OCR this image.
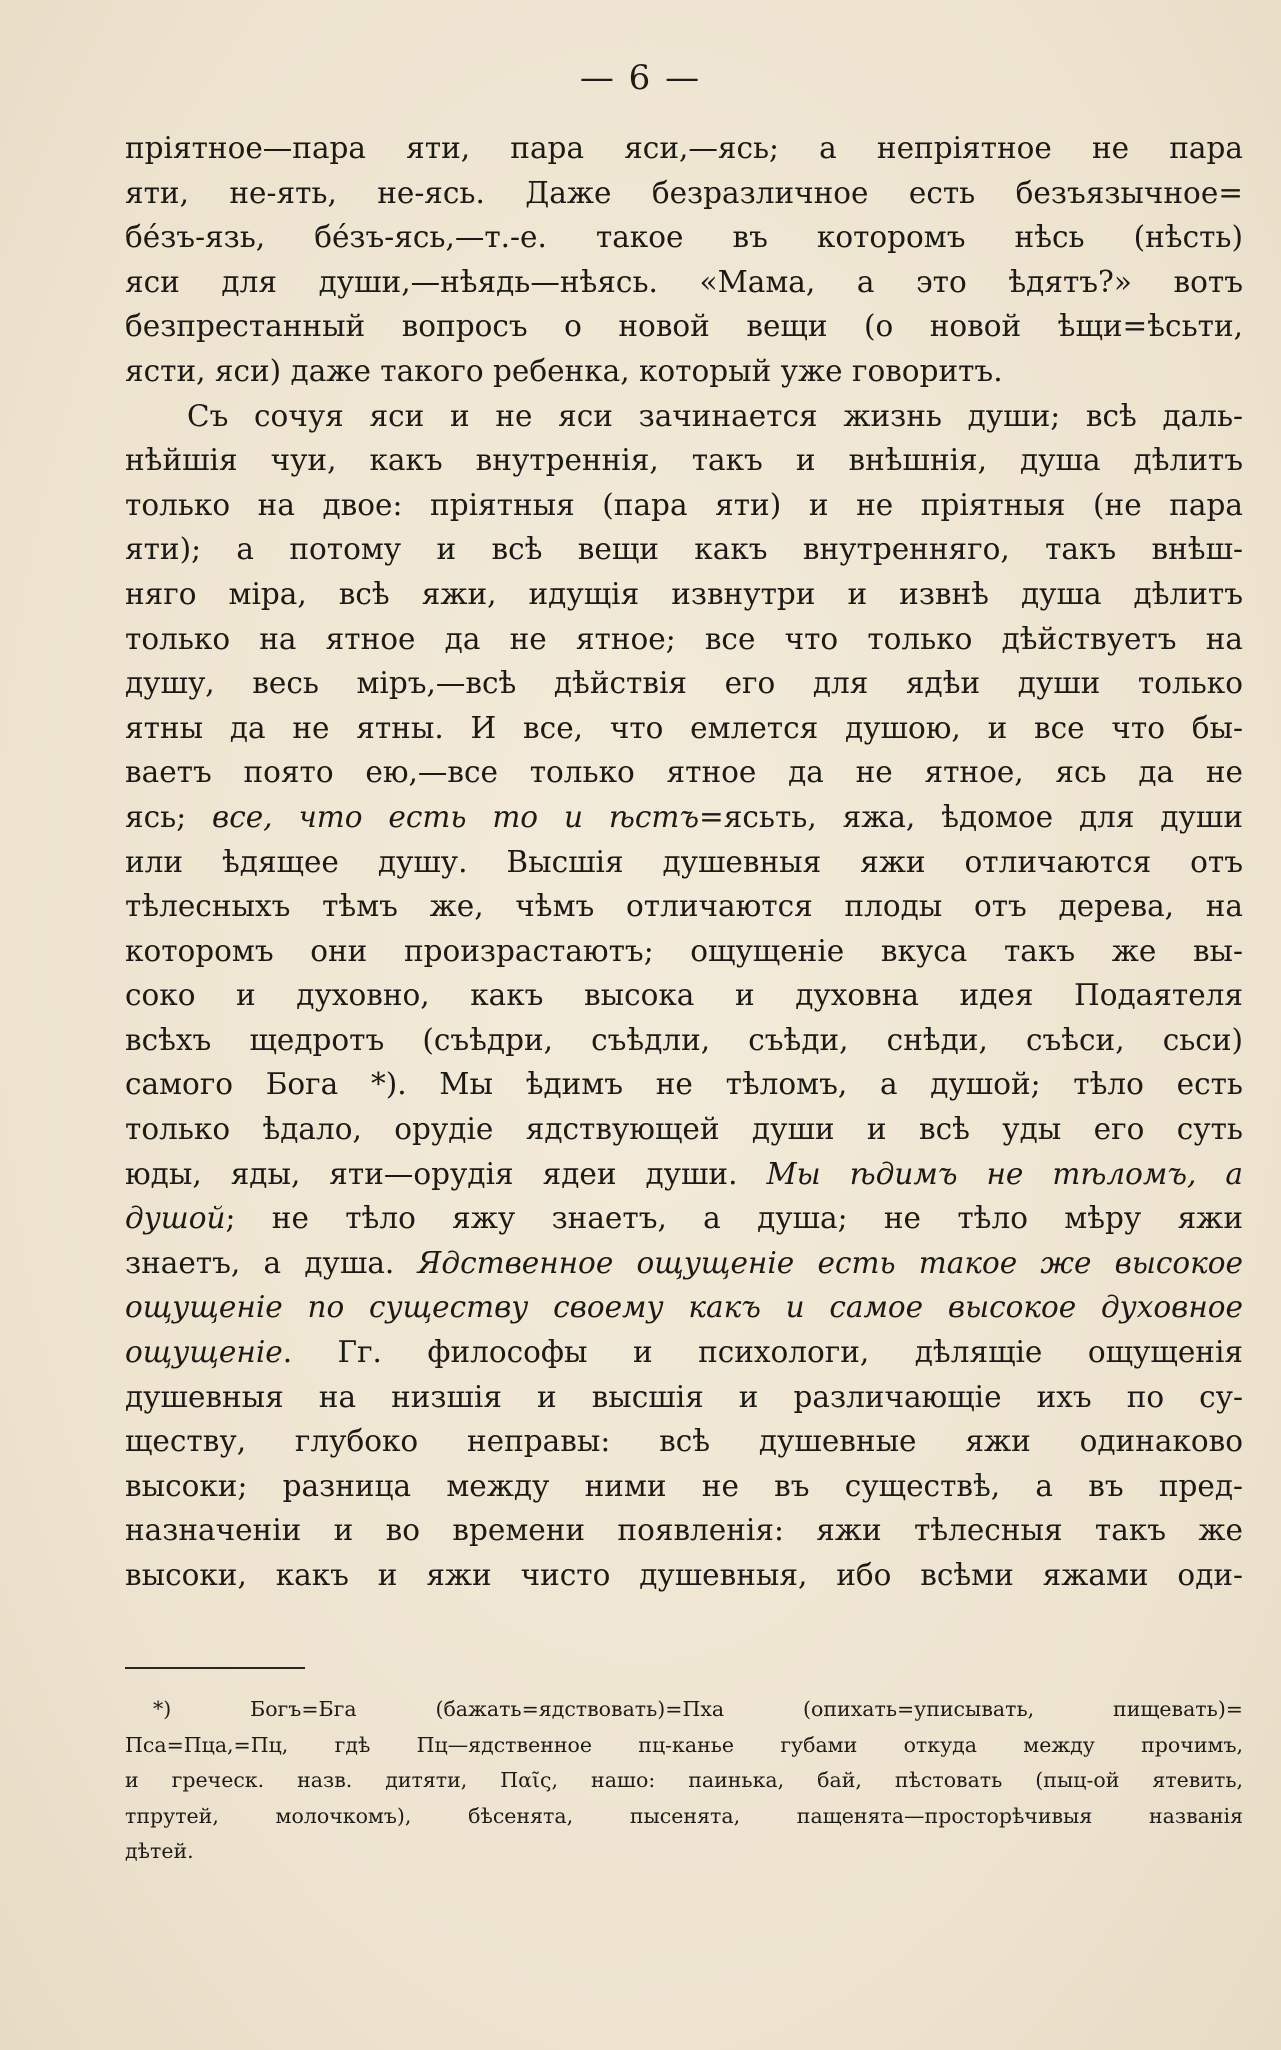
— 6 —
пріятное—пара яти, пара яси,—ясь; а непріятное не пара
яти, не-ять, не-ясь. Даже безразличное есть безъязычное=
бéзъ-язь, бéзъ-ясь,—т.-е. такое въ которомъ нѣсь (нѣсть)
яси для души,—нѣядь—нѣясь. «Мама, а это ѣдятъ?» вотъ
безпрестанный вопросъ о новой вещи (о новой ѣщи=ѣсьти,
ясти, яси) даже такого ребенка, который уже говоритъ.
Съ сочуя яси и не яси зачинается жизнь души; всѣ даль-
нѣйшія чуи, какъ внутреннія, такъ и внѣшнія, душа дѣлитъ
только на двое: пріятныя (пара яти) и не пріятныя (не пара
яти); а потому и всѣ вещи какъ внутренняго, такъ внѣш-
няго міра, всѣ яжи, идущія извнутри и извнѣ душа дѣлитъ
только на ятное да не ятное; все что только дѣйствуетъ на
душу, весь міръ,—всѣ дѣйствія его для ядѣи души только
ятны да не ятны. И все, что емлется душою, и все что бы-
ваетъ поято ею,—все только ятное да не ятное, ясь да не
ясь; все, что есть то и ѣстъ=ясьть, яжа, ѣдомое для души
или ѣдящее душу. Высшія душевныя яжи отличаются отъ
тѣлесныхъ тѣмъ же, чѣмъ отличаются плоды отъ дерева, на
которомъ они произрастаютъ; ощущеніе вкуса такъ же вы-
соко и духовно, какъ высока и духовна идея Подаятеля
всѣхъ щедротъ (съѣдри, съѣдли, съѣди, снѣди, съѣси, сьси)
самого Бога *). Мы ѣдимъ не тѣломъ, а душой; тѣло есть
только ѣдало, орудіе ядствующей души и всѣ уды его суть
юды, яды, яти—орудія ядеи души. Мы ѣдимъ не тѣломъ, а
душой; не тѣло яжу знаетъ, а душа; не тѣло мѣру яжи
знаетъ, а душа. Ядственное ощущеніе есть такое же высокое
ощущеніе по существу своему какъ и самое высокое духовное
ощущеніе. Гг. философы и психологи, дѣлящіе ощущенія
душевныя на низшія и высшія и различающіе ихъ по су-
ществу, глубоко неправы: всѣ душевные яжи одинаково
высоки; разница между ними не въ существѣ, а въ пред-
назначеніи и во времени появленія: яжи тѣлесныя такъ же
высоки, какъ и яжи чисто душевныя, ибо всѣми яжами оди-
*) Богъ=Бга (бажать=ядствовать)=Пха (опихать=уписывать, пищевать)=
Пса=Пца,=Пц, гдѣ Пц—ядственное пц-канье губами откуда между прочимъ,
и греческ. назв. дитяти, Παῖς, нашо: паинька, бай, пѣстовать (пыц-ой ятевить,
тпрутей, молочкомъ), бѣсенята, пысенята, пащенята—просторѣчивыя названія
дѣтей.
